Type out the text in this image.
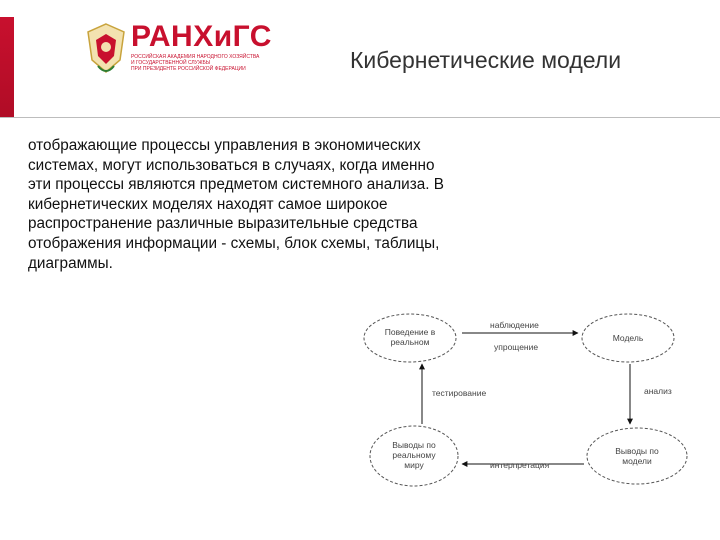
РАНХиГС
РОССИЙСКАЯ АКАДЕМИЯ НАРОДНОГО ХОЗЯЙСТВА
И ГОСУДАРСТВЕННОЙ СЛУЖБЫ
ПРИ ПРЕЗИДЕНТЕ РОССИЙСКОЙ ФЕДЕРАЦИИ	Кибернетические модели

отображающие процессы управления в экономических системах, могут использоваться в случаях, когда именно эти процессы являются предметом системного анализа. В кибернетических моделях находят самое широкое распространение различные выразительные средства отображения информации - схемы, блок схемы, таблицы, диаграммы.

Поведение в
реальном	Модель
Выводы по
реальному
миру
Выводы по
модели
наблюдение
упрощение
анализ
интерпретация
тестирование
